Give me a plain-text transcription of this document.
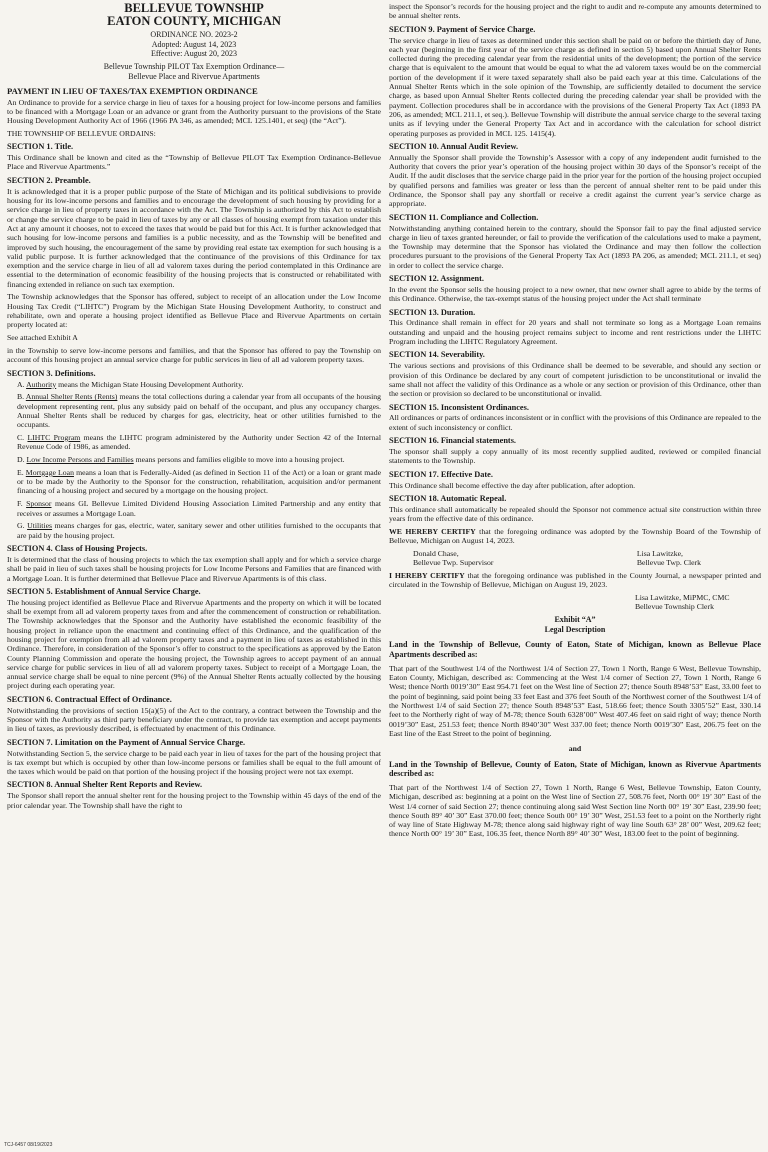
BELLEVUE TOWNSHIP

EATON COUNTY, MICHIGAN

ORDINANCE NO. 2023-2

Adopted: August 14, 2023

Effective: August 20, 2023

Bellevue Township PILOT Tax Exemption Ordinance—

Bellevue Place and Rivervue Apartments

PAYMENT IN LIEU OF TAXES/TAX EXEMPTION ORDINANCE

An Ordinance to provide for a service charge in lieu of taxes for a housing project for low-income persons and families to be financed with a Mortgage Loan or an advance or grant from the Authority pursuant to the provisions of the State Housing Development Authority Act of 1966 (1966 PA 346, as amended; MCL 125.1401, et seq) (the “Act”).

THE TOWNSHIP OF BELLEVUE ORDAINS:

SECTION 1. Title.

This Ordinance shall be known and cited as the “Township of Bellevue PILOT Tax Exemption Ordinance-Bellevue Place and Rivervue Apartments.”

SECTION 2. Preamble.

It is acknowledged that it is a proper public purpose of the State of Michigan and its political subdivisions to provide housing for its low-income persons and families and to encourage the development of such housing by providing for a service charge in lieu of property taxes in accordance with the Act. The Township is authorized by this Act to establish or change the service charge to be paid in lieu of taxes by any or all classes of housing exempt from taxation under this Act at any amount it chooses, not to exceed the taxes that would be paid but for this Act. It is further acknowledged that such housing for low-income persons and families is a public necessity, and as the Township will be benefited and improved by such housing, the encouragement of the same by providing real estate tax exemption for such housing is a valid public purpose. It is further acknowledged that the continuance of the provisions of this Ordinance for tax exemption and the service charge in lieu of all ad valorem taxes during the period contemplated in this Ordinance are essential to the determination of economic feasibility of the housing projects that is constructed or rehabilitated with financing extended in reliance on such tax exemption.

The Township acknowledges that the Sponsor has offered, subject to receipt of an allocation under the Low Income Housing Tax Credit (“LIHTC”) Program by the Michigan State Housing Development Authority, to construct and rehabilitate, own and operate a housing project identified as Bellevue Place and Rivervue Apartments on certain property located at:

See attached Exhibit A

in the Township to serve low-income persons and families, and that the Sponsor has offered to pay the Township on account of this housing project an annual service charge for public services in lieu of all ad valorem property taxes.

SECTION 3. Definitions.

A. Authority means the Michigan State Housing Development Authority.

B. Annual Shelter Rents (Rents) means the total collections during a calendar year from all occupants of the housing development representing rent, plus any subsidy paid on behalf of the occupant, and plus any occupancy charges. Annual Shelter Rents shall be reduced by charges for gas, electricity, heat or other utilities furnished to the occupants.

C. LIHTC Program means the LIHTC program administered by the Authority under Section 42 of the Internal Revenue Code of 1986, as amended.

D. Low Income Persons and Families means persons and families eligible to move into a housing project.

E. Mortgage Loan means a loan that is Federally-Aided (as defined in Section 11 of the Act) or a loan or grant made or to be made by the Authority to the Sponsor for the construction, rehabilitation, acquisition and/or permanent financing of a housing project and secured by a mortgage on the housing project.

F. Sponsor means GL Bellevue Limited Dividend Housing Association Limited Partnership and any entity that receives or assumes a Mortgage Loan.

G. Utilities means charges for gas, electric, water, sanitary sewer and other utilities furnished to the occupants that are paid by the housing project.

SECTION 4. Class of Housing Projects.

It is determined that the class of housing projects to which the tax exemption shall apply and for which a service charge shall be paid in lieu of such taxes shall be housing projects for Low Income Persons and Families that are financed with a Mortgage Loan. It is further determined that Bellevue Place and Rivervue Apartments is of this class.

SECTION 5. Establishment of Annual Service Charge.

The housing project identified as Bellevue Place and Rivervue Apartments and the property on which it will be located shall be exempt from all ad valorem property taxes from and after the commencement of construction or rehabilitation. The Township acknowledges that the Sponsor and the Authority have established the economic feasibility of the housing project in reliance upon the enactment and continuing effect of this Ordinance, and the qualification of the housing project for exemption from all ad valorem property taxes and a payment in lieu of taxes as established in this Ordinance. Therefore, in consideration of the Sponsor’s offer to construct to the specifications as approved by the Eaton County Planning Commission and operate the housing project, the Township agrees to accept payment of an annual service charge for public services in lieu of all ad valorem property taxes. Subject to receipt of a Mortgage Loan, the annual service charge shall be equal to nine percent (9%) of the Annual Shelter Rents actually collected by the housing project during each operating year.

SECTION 6. Contractual Effect of Ordinance.

Notwithstanding the provisions of section 15(a)(5) of the Act to the contrary, a contract between the Township and the Sponsor with the Authority as third party beneficiary under the contract, to provide tax exemption and accept payments in lieu of taxes, as previously described, is effectuated by enactment of this Ordinance.

SECTION 7. Limitation on the Payment of Annual Service Charge.

Notwithstanding Section 5, the service charge to be paid each year in lieu of taxes for the part of the housing project that is tax exempt but which is occupied by other than low-income persons or families shall be equal to the full amount of the taxes which would be paid on that portion of the housing project if the housing project were not tax exempt.

SECTION 8. Annual Shelter Rent Reports and Review.

The Sponsor shall report the annual shelter rent for the housing project to the Township within 45 days of the end of the prior calendar year. The Township shall have the right to

inspect the Sponsor’s records for the housing project and the right to audit and re-compute any amounts determined to be annual shelter rents.

SECTION 9. Payment of Service Charge.

The service charge in lieu of taxes as determined under this section shall be paid on or before the thirtieth day of June, each year (beginning in the first year of the service charge as defined in section 5) based upon Annual Shelter Rents collected during the preceding calendar year from the residential units of the development; the portion of the service charge that is equivalent to the amount that would be equal to what the ad valorem taxes would be on the commercial portion of the development if it were taxed separately shall also be paid each year at this time. Calculations of the Annual Shelter Rents which in the sole opinion of the Township, are sufficiently detailed to document the service charge, as based upon Annual Shelter Rents collected during the preceding calendar year shall be provided with the payment. Collection procedures shall be in accordance with the provisions of the General Property Tax Act (1893 PA 206, as amended; MCL 211.1, et seq.). Bellevue Township will distribute the annual service charge to the several taxing units as if levying under the General Property Tax Act and in accordance with the calculation for school district operating purposes as provided in MCL 125. 1415(4).

SECTION 10. Annual Audit Review.

Annually the Sponsor shall provide the Township’s Assessor with a copy of any independent audit furnished to the Authority that covers the prior year’s operation of the housing project within 30 days of the Sponsor’s receipt of the Audit. If the audit discloses that the service charge paid in the prior year for the portion of the housing project occupied by qualified persons and families was greater or less than the percent of annual shelter rent to be paid under this Ordinance, the Sponsor shall pay any shortfall or receive a credit against the current year’s service charge as appropriate.

SECTION 11. Compliance and Collection.

Notwithstanding anything contained herein to the contrary, should the Sponsor fail to pay the final adjusted service charge in lieu of taxes granted hereunder, or fail to provide the verification of the calculations used to make a payment, the Township may determine that the Sponsor has violated the Ordinance and may then follow the collection procedures pursuant to the provisions of the General Property Tax Act (1893 PA 206, as amended; MCL 211.1, et seq) in order to collect the service charge.

SECTION 12. Assignment.

In the event the Sponsor sells the housing project to a new owner, that new owner shall agree to abide by the terms of this Ordinance. Otherwise, the tax-exempt status of the housing project under the Act shall terminate

SECTION 13. Duration.

This Ordinance shall remain in effect for 20 years and shall not terminate so long as a Mortgage Loan remains outstanding and unpaid and the housing project remains subject to income and rent restrictions under the LIHTC Program including the LIHTC Regulatory Agreement.

SECTION 14. Severability.

The various sections and provisions of this Ordinance shall be deemed to be severable, and should any section or provision of this Ordinance be declared by any court of competent jurisdiction to be unconstitutional or invalid the same shall not affect the validity of this Ordinance as a whole or any section or provision of this Ordinance, other than the section or provision so declared to be unconstitutional or invalid.

SECTION 15. Inconsistent Ordinances.

All ordinances or parts of ordinances inconsistent or in conflict with the provisions of this Ordinance are repealed to the extent of such inconsistency or conflict.

SECTION 16. Financial statements.

The sponsor shall supply a copy annually of its most recently supplied audited, reviewed or compiled financial statements to the Township.

SECTION 17. Effective Date.

This Ordinance shall become effective the day after publication, after adoption.

SECTION 18. Automatic Repeal.

This ordinance shall automatically be repealed should the Sponsor not commence actual site construction within three years from the effective date of this ordinance.

WE HEREBY CERTIFY that the foregoing ordinance was adopted by the Township Board of the Township of Bellevue, Michigan on August 14, 2023.

Donald Chase,
Bellevue Twp. Supervisor
Lisa Lawitzke,
Bellevue Twp. Clerk

I HEREBY CERTIFY that the foregoing ordinance was published in the County Journal, a newspaper printed and circulated in the Township of Bellevue, Michigan on August 19, 2023.

Lisa Lawitzke, MiPMC, CMC
Bellevue Township Clerk
Exhibit “A”
Legal Description

Land in the Township of Bellevue, County of Eaton, State of Michigan, known as Bellevue Place Apartments described as:

That part of the Southwest 1/4 of the Northwest 1/4 of Section 27, Town 1 North, Range 6 West, Bellevue Township, Eaton County, Michigan, described as: Commencing at the West 1/4 corner of Section 27, Town 1 North, Range 6 West; thence North 0019’30” East 954.71 feet on the West line of Section 27; thence South 8948’53” East, 33.00 feet to the point of beginning, said point being 33 feet East and 376 feet South of the Northwest corner of the Southwest 1/4 of the Northwest 1/4 of said Section 27; thence South 8948’53” East, 518.66 feet; thence South 3305’52” East, 330.14 feet to the Northerly right of way of M-78; thence South 6328’00” West 407.46 feet on said right of way; thence North 0019’30” East, 251.53 feet; thence North 8940’30” West 337.00 feet; thence North 0019’30” East, 206.75 feet on the East line of the East Street to the point of beginning.

and

Land in the Township of Bellevue, County of Eaton, State of Michigan, known as Rivervue Apartments described as:

That part of the Northwest 1/4 of Section 27, Town 1 North, Range 6 West, Bellevue Township, Eaton County, Michigan, described as: beginning at a point on the West line of Section 27, 508.76 feet, North 00° 19’ 30” East of the West 1/4 corner of said Section 27; thence continuing along said West Section line North 00° 19’ 30” East, 239.90 feet; thence South 89° 40’ 30” East 370.00 feet; thence South 00° 19’ 30” West, 251.53 feet to a point on the Northerly right of way line of State Highway M-78; thence along said highway right of way line South 63° 28’ 00” West, 209.62 feet; thence North 00° 19’ 30” East, 106.35 feet, thence North 89° 40’ 30” West, 183.00 feet to the point of beginning.

TCJ-6457 08/19/2023
